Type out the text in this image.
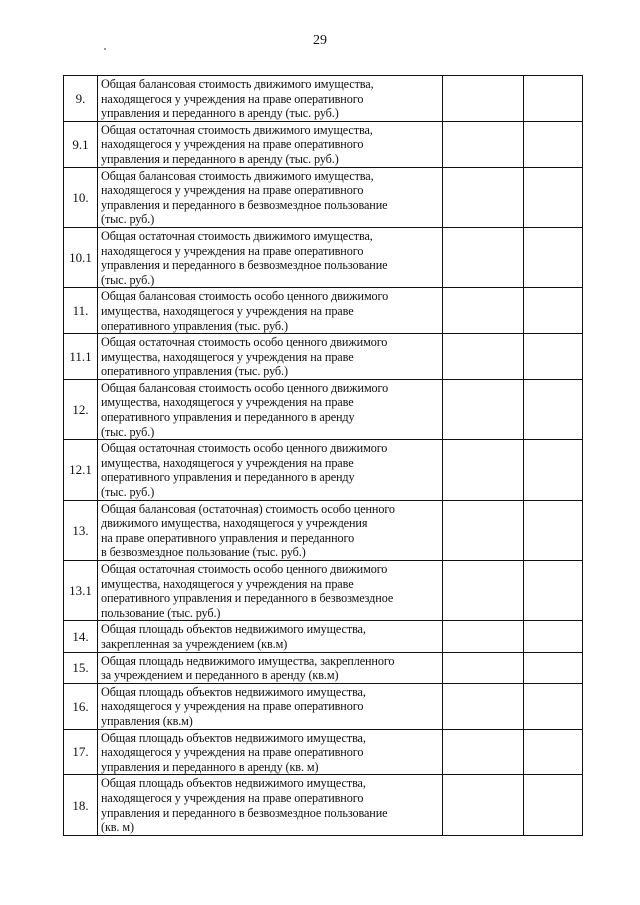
29
9.	Общая балансовая стоимость движимого имущества,
находящегося у учреждения на праве оперативного
управления и переданного в аренду (тыс. руб.)		

9.1	Общая остаточная стоимость движимого имущества,
находящегося у учреждения на праве оперативного
управления и переданного в аренду (тыс. руб.)		

10.	Общая балансовая стоимость движимого имущества,
находящегося у учреждения на праве оперативного
управления и переданного в безвозмездное пользование
(тыс. руб.)		

10.1	Общая остаточная стоимость движимого имущества,
находящегося у учреждения на праве оперативного
управления и переданного в безвозмездное пользование
(тыс. руб.)		

11.	Общая балансовая стоимость особо ценного движимого
имущества, находящегося у учреждения на праве
оперативного управления (тыс. руб.)		

11.1	Общая остаточная стоимость особо ценного движимого
имущества, находящегося у учреждения на праве
оперативного управления (тыс. руб.)		

12.	Общая балансовая стоимость особо ценного движимого
имущества, находящегося у учреждения на праве
оперативного управления и переданного в аренду
(тыс. руб.)		

12.1	Общая остаточная стоимость особо ценного движимого
имущества, находящегося у учреждения на праве
оперативного управления и переданного в аренду
(тыс. руб.)		

13.	Общая балансовая (остаточная) стоимость особо ценного
движимого имущества, находящегося у учреждения
на праве оперативного управления и переданного
в безвозмездное пользование (тыс. руб.)		

13.1	Общая остаточная стоимость особо ценного движимого
имущества, находящегося у учреждения на праве
оперативного управления и переданного в безвозмездное
пользование (тыс. руб.)		

14.	Общая площадь объектов недвижимого имущества,
закрепленная за учреждением (кв.м)		

15.	Общая площадь недвижимого имущества, закрепленного
за учреждением и переданного в аренду (кв.м)		

16.	Общая площадь объектов недвижимого имущества,
находящегося у учреждения на праве оперативного
управления (кв.м)		

17.	Общая площадь объектов недвижимого имущества,
находящегося у учреждения на праве оперативного
управления и переданного в аренду (кв. м)		

18.	Общая площадь объектов недвижимого имущества,
находящегося у учреждения на праве оперативного
управления и переданного в безвозмездное пользование
(кв. м)		
